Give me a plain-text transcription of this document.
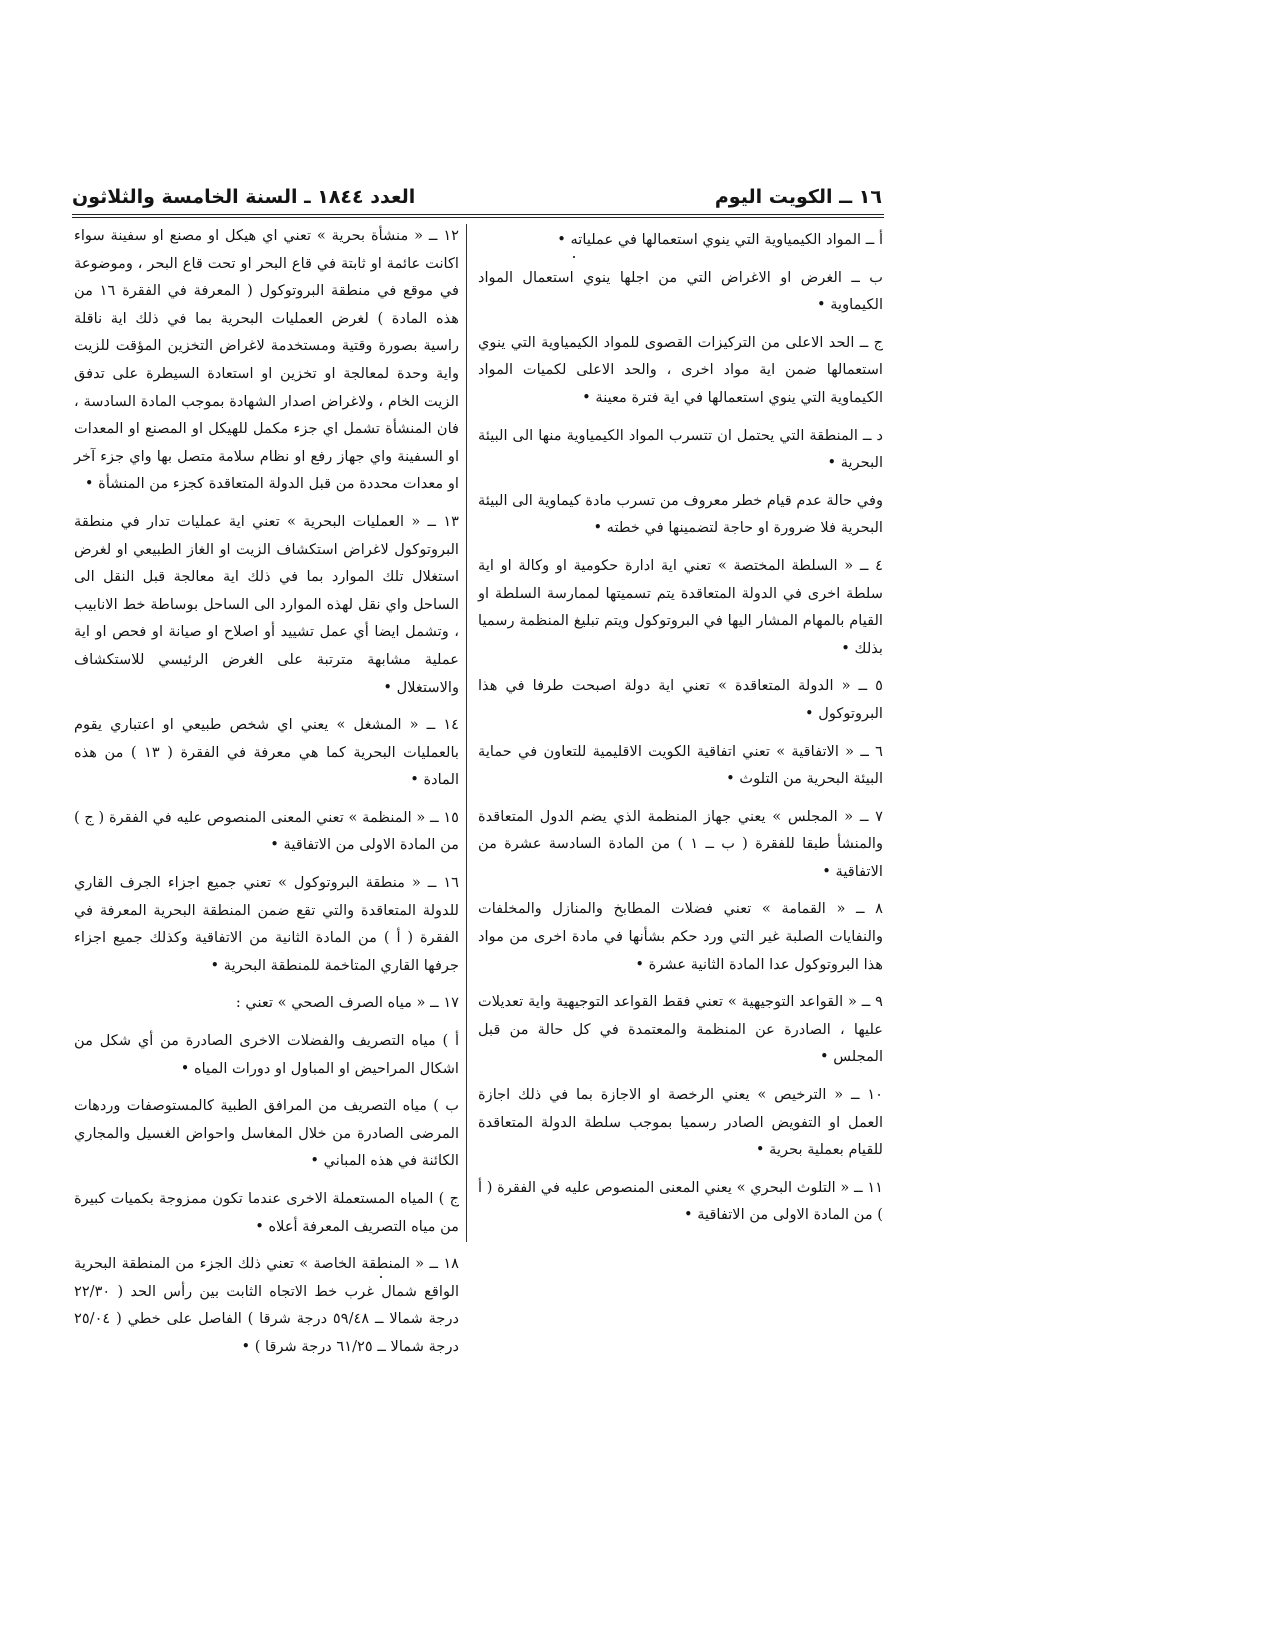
١٦ ــ الكويت اليوم
العدد ١٨٤٤ ـ السنة الخامسة والثلاثون

أ ــ المواد الكيمياوية التي ينوي استعمالها في عملياته •

ب ــ الغرض او الاغراض التي من اجلها ينوي استعمال المواد الكيماوية •

ج ــ الحد الاعلى من التركيزات القصوى للمواد الكيمياوية التي ينوي استعمالها ضمن اية مواد اخرى ، والحد الاعلى لكميات المواد الكيماوية التي ينوي استعمالها في اية فترة معينة •

د ــ المنطقة التي يحتمل ان تتسرب المواد الكيمياوية منها الى البيئة البحرية •

وفي حالة عدم قيام خطر معروف من تسرب مادة كيماوية الى البيئة البحرية فلا ضرورة او حاجة لتضمينها في خطته •

٤ ــ « السلطة المختصة » تعني اية ادارة حكومية او وكالة او اية سلطة اخرى في الدولة المتعاقدة يتم تسميتها لممارسة السلطة او القيام بالمهام المشار اليها في البروتوكول ويتم تبليغ المنظمة رسميا بذلك •

٥ ــ « الدولة المتعاقدة » تعني اية دولة اصبحت طرفا في هذا البروتوكول •

٦ ــ « الاتفاقية » تعني اتفاقية الكويت الاقليمية للتعاون في حماية البيئة البحرية من التلوث •

٧ ــ « المجلس » يعني جهاز المنظمة الذي يضم الدول المتعاقدة والمنشأ طبقا للفقرة ( ب ــ ١ ) من المادة السادسة عشرة من الاتفاقية •

٨ ــ « القمامة » تعني فضلات المطابخ والمنازل والمخلفات والنفايات الصلبة غير التي ورد حكم بشأنها في مادة اخرى من مواد هذا البروتوكول عدا المادة الثانية عشرة •

٩ ــ « القواعد التوجيهية » تعني فقط القواعد التوجيهية واية تعديلات عليها ، الصادرة عن المنظمة والمعتمدة في كل حالة من قبل المجلس •

١٠ ــ « الترخيص » يعني الرخصة او الاجازة بما في ذلك اجازة العمل او التفويض الصادر رسميا بموجب سلطة الدولة المتعاقدة للقيام بعملية بحرية •

١١ ــ « التلوث البحري » يعني المعنى المنصوص عليه في الفقرة ( أ ) من المادة الاولى من الاتفاقية •

١٢ ــ « منشأة بحرية » تعني اي هيكل او مصنع او سفينة سواء اكانت عائمة او ثابتة في قاع البحر او تحت قاع البحر ، وموضوعة في موقع في منطقة البروتوكول ( المعرفة في الفقرة ١٦ من هذه المادة ) لغرض العمليات البحرية بما في ذلك اية ناقلة راسية بصورة وقتية ومستخدمة لاغراض التخزين المؤقت للزيت واية وحدة لمعالجة او تخزين او استعادة السيطرة على تدفق الزيت الخام ، ولاغراض اصدار الشهادة بموجب المادة السادسة ، فان المنشأة تشمل اي جزء مكمل للهيكل او المصنع او المعدات او السفينة واي جهاز رفع او نظام سلامة متصل بها واي جزء آخر او معدات محددة من قبل الدولة المتعاقدة كجزء من المنشأة •

١٣ ــ « العمليات البحرية » تعني اية عمليات تدار في منطقة البروتوكول لاغراض استكشاف الزيت او الغاز الطبيعي او لغرض استغلال تلك الموارد بما في ذلك اية معالجة قبل النقل الى الساحل واي نقل لهذه الموارد الى الساحل بوساطة خط الانابيب ، وتشمل ايضا أي عمل تشييد أو اصلاح او صيانة او فحص او اية عملية مشابهة مترتبة على الغرض الرئيسي للاستكشاف والاستغلال •

١٤ ــ « المشغل » يعني اي شخص طبيعي او اعتباري يقوم بالعمليات البحرية كما هي معرفة في الفقرة ( ١٣ ) من هذه المادة •

١٥ ــ « المنظمة » تعني المعنى المنصوص عليه في الفقرة ( ج ) من المادة الاولى من الاتفاقية •

١٦ ــ « منطقة البروتوكول » تعني جميع اجزاء الجرف القاري للدولة المتعاقدة والتي تقع ضمن المنطقة البحرية المعرفة في الفقرة ( أ ) من المادة الثانية من الاتفاقية وكذلك جميع اجزاء جرفها القاري المتاخمة للمنطقة البحرية •

١٧ ــ « مياه الصرف الصحي » تعني :

أ ) مياه التصريف والفضلات الاخرى الصادرة من أي شكل من اشكال المراحيض او المباول او دورات المياه •

ب ) مياه التصريف من المرافق الطبية كالمستوصفات وردهات المرضى الصادرة من خلال المغاسل واحواض الغسيل والمجاري الكائنة في هذه المباني •

ج ) المياه المستعملة الاخرى عندما تكون ممزوجة بكميات كبيرة من مياه التصريف المعرفة أعلاه •

١٨ ــ « المنطقة الخاصة » تعني ذلك الجزء من المنطقة البحرية الواقع شمال غرب خط الاتجاه الثابت بين رأس الحد ( ٢٢/٣٠ درجة شمالا ــ ٥٩/٤٨ درجة شرقا ) الفاصل على خطي ( ٢٥/٠٤ درجة شمالا ــ ٦١/٢٥ درجة شرقا ) •
